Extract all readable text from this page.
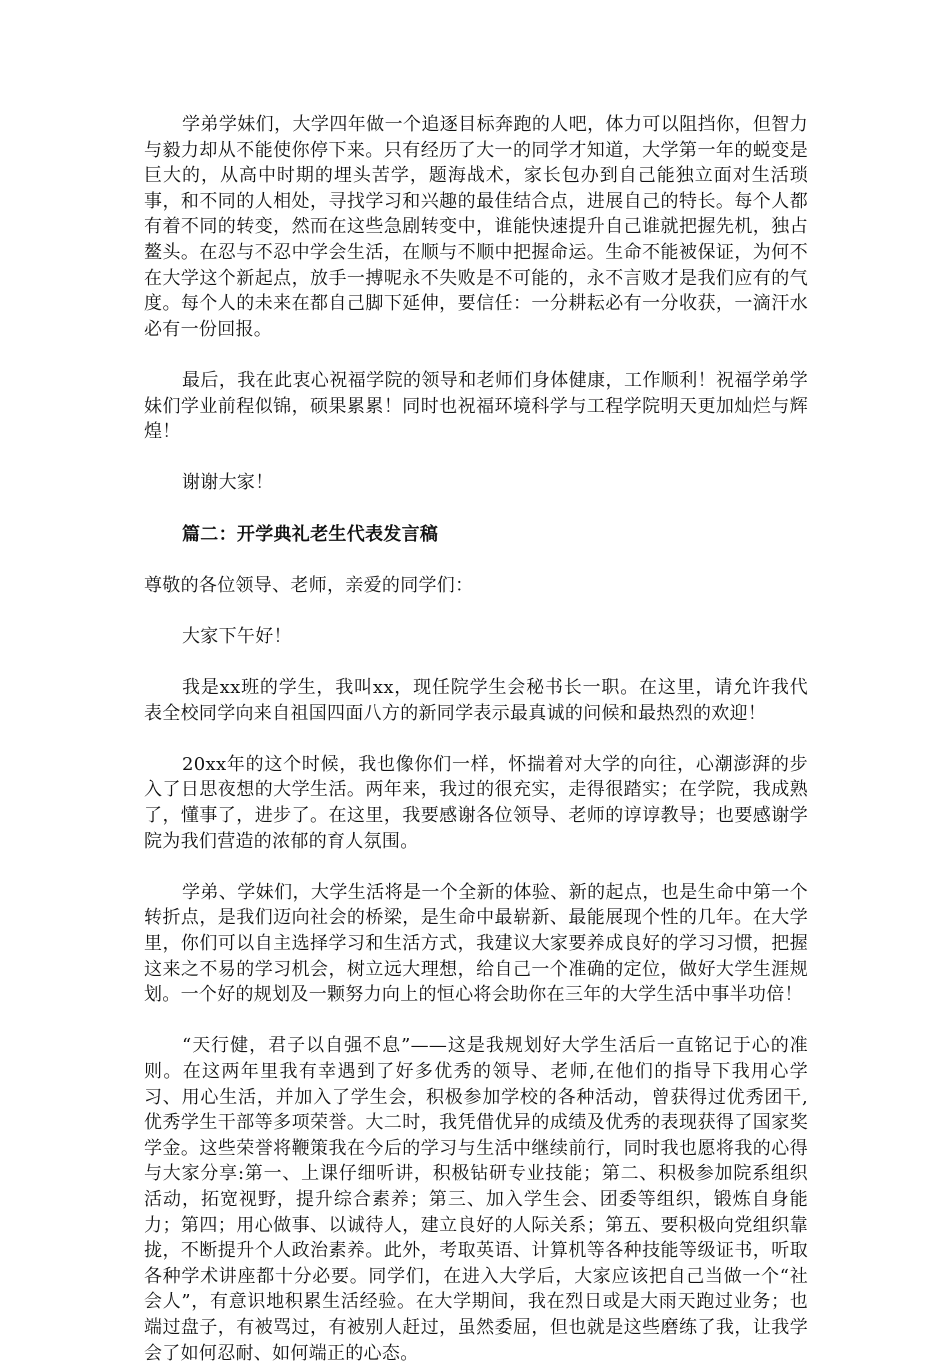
学弟学妹们，大学四年做一个追逐目标奔跑的人吧，体力可以阻挡你，但智力与毅力却从不能使你停下来。只有经历了大一的同学才知道，大学第一年的蜕变是巨大的，从高中时期的埋头苦学，题海战术，家长包办到自己能独立面对生活琐事，和不同的人相处，寻找学习和兴趣的最佳结合点，进展自己的特长。每个人都有着不同的转变，然而在这些急剧转变中，谁能快速提升自己谁就把握先机，独占鳌头。在忍与不忍中学会生活，在顺与不顺中把握命运。生命不能被保证，为何不在大学这个新起点，放手一搏呢永不失败是不可能的，永不言败才是我们应有的气度。每个人的未来在都自己脚下延伸，要信任：一分耕耘必有一分收获，一滴汗水必有一份回报。

最后，我在此衷心祝福学院的领导和老师们身体健康，工作顺利！祝福学弟学妹们学业前程似锦，硕果累累！同时也祝福环境科学与工程学院明天更加灿烂与辉煌！

谢谢大家！

篇二：开学典礼老生代表发言稿

尊敬的各位领导、老师，亲爱的同学们：

大家下午好！

我是xx班的学生，我叫xx，现任院学生会秘书长一职。在这里，请允许我代表全校同学向来自祖国四面八方的新同学表示最真诚的问候和最热烈的欢迎！

20xx年的这个时候，我也像你们一样，怀揣着对大学的向往，心潮澎湃的步入了日思夜想的大学生活。两年来，我过的很充实，走得很踏实；在学院，我成熟了，懂事了，进步了。在这里，我要感谢各位领导、老师的谆谆教导；也要感谢学院为我们营造的浓郁的育人氛围。

学弟、学妹们，大学生活将是一个全新的体验、新的起点，也是生命中第一个转折点，是我们迈向社会的桥梁，是生命中最崭新、最能展现个性的几年。在大学里，你们可以自主选择学习和生活方式，我建议大家要养成良好的学习习惯，把握这来之不易的学习机会，树立远大理想，给自己一个准确的定位，做好大学生涯规划。一个好的规划及一颗努力向上的恒心将会助你在三年的大学生活中事半功倍！

“天行健，君子以自强不息”——这是我规划好大学生活后一直铭记于心的准则。在这两年里我有幸遇到了好多优秀的领导、老师,在他们的指导下我用心学习、用心生活，并加入了学生会，积极参加学校的各种活动，曾获得过优秀团干,优秀学生干部等多项荣誉。大二时，我凭借优异的成绩及优秀的表现获得了国家奖学金。这些荣誉将鞭策我在今后的学习与生活中继续前行，同时我也愿将我的心得与大家分享:第一、上课仔细听讲，积极钻研专业技能；第二、积极参加院系组织活动，拓宽视野，提升综合素养；第三、加入学生会、团委等组织，锻炼自身能力；第四；用心做事、以诚待人，建立良好的人际关系；第五、要积极向党组织靠拢，不断提升个人政治素养。此外，考取英语、计算机等各种技能等级证书，听取各种学术讲座都十分必要。同学们，在进入大学后，大家应该把自己当做一个“社会人”，有意识地积累生活经验。在大学期间，我在烈日或是大雨天跑过业务；也端过盘子，有被骂过，有被别人赶过，虽然委屈，但也就是这些磨练了我，让我学会了如何忍耐、如何端正的心态。
